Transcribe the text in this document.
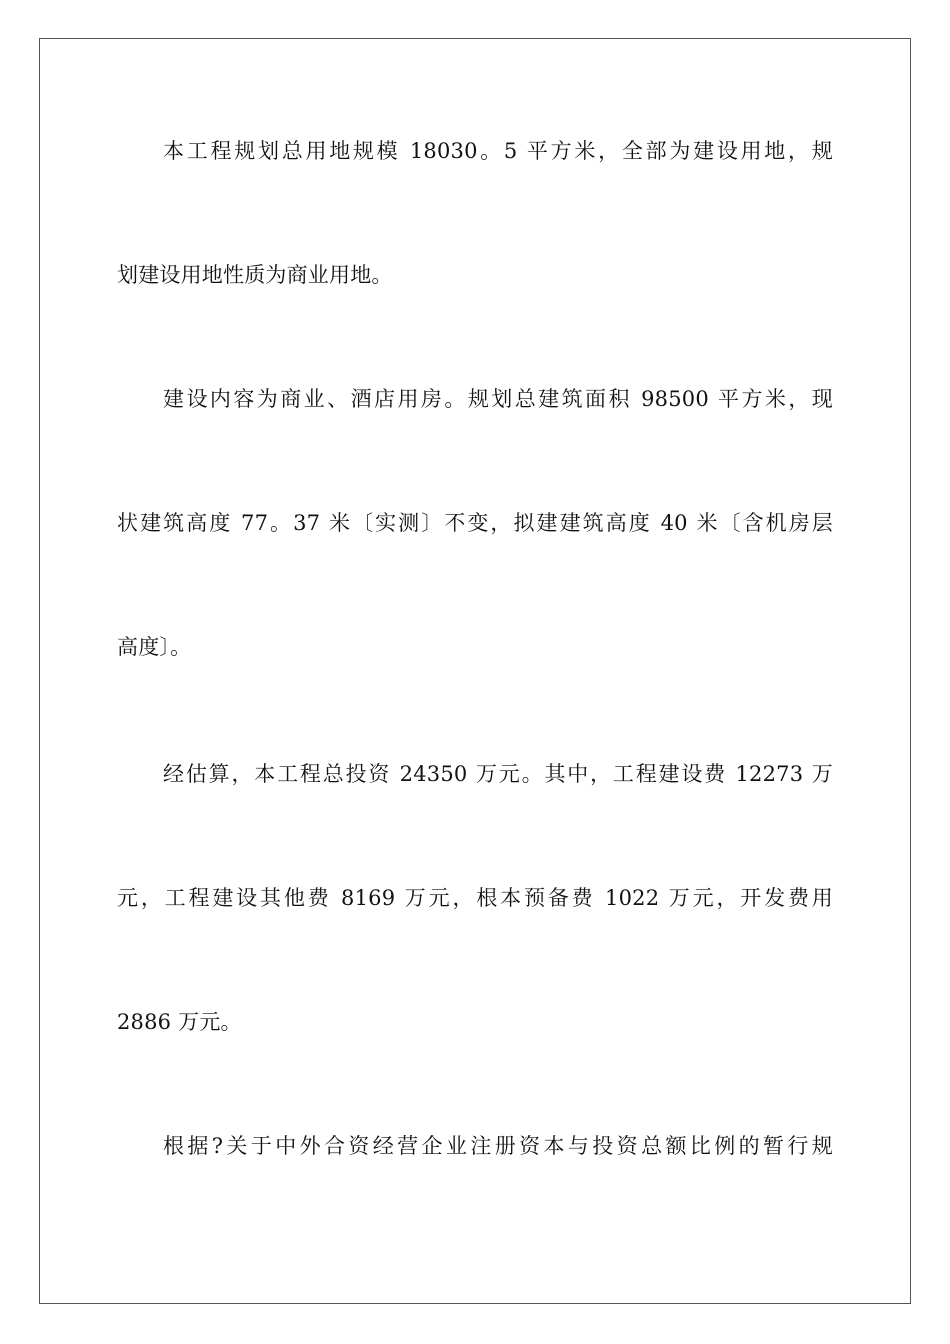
本工程规划总用地规模 18030。5 平方米，全部为建设用地，规
划建设用地性质为商业用地。
建设内容为商业、酒店用房。规划总建筑面积 98500 平方米，现
状建筑高度 77。37 米〔实测〕不变，拟建建筑高度 40 米〔含机房层
高度〕。
经估算，本工程总投资 24350 万元。其中，工程建设费 12273 万
元，工程建设其他费 8169 万元，根本预备费 1022 万元，开发费用
2886 万元。
根据?关于中外合资经营企业注册资本与投资总额比例的暂行规
